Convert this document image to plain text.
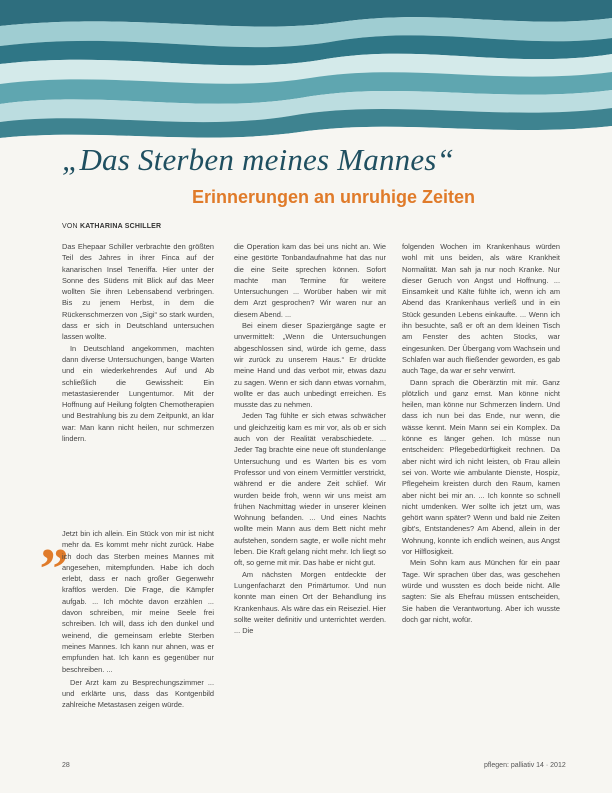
„Das Sterben meines Mannes“
Erinnerungen an unruhige Zeiten
VON KATHARINA SCHILLER

Das Ehepaar Schiller verbrachte den größten Teil des Jahres in ihrer Finca auf der kanarischen Insel Teneriffa. Hier unter der Sonne des Südens mit Blick auf das Meer wollten Sie ihren Lebensabend verbringen. Bis zu jenem Herbst, in dem die Rückenschmerzen von „Sigi“ so stark wurden, dass er sich in Deutschland untersuchen lassen wollte.

In Deutschland angekommen, machten dann diverse Untersuchungen, bange Warten und ein wiederkehrendes Auf und Ab schließlich die Gewissheit: Ein metastasierender Lungentumor. Mit der Hoffnung auf Heilung folgten Chemotherapien und Bestrahlung bis zu dem Zeitpunkt, an klar war: Man kann nicht heilen, nur schmerzen lindern.

„

Jetzt bin ich allein. Ein Stück von mir ist nicht mehr da. Es kommt mehr nicht zurück. Habe ich doch das Sterben meines Mannes mit angesehen, mitempfunden. Habe ich doch erlebt, dass er nach großer Gegenwehr kraftlos werden. Die Frage, die Kämpfer aufgab. ... Ich möchte davon erzählen ... davon schreiben, mir meine Seele frei schreiben. Ich will, dass ich den dunkel und weinend, die gemeinsam erlebte Sterben meines Mannes. Ich kann nur ahnen, was er empfunden hat. Ich kann es gegenüber nur beschreiben. ...

Der Arzt kam zu Besprechungszimmer ... und erklärte uns, dass das Kontgenbild zahlreiche Metastasen zeigen würde.

die Operation kam das bei uns nicht an. Wie eine gestörte Tonbandaufnahme hat das nur die eine Seite sprechen können. Sofort machte man Termine für weitere Untersuchungen ... Worüber haben wir mit dem Arzt gesprochen? Wir waren nur an diesem Abend. ...

Bei einem dieser Spaziergänge sagte er unvermittelt: „Wenn die Untersuchungen abgeschlossen sind, würde ich gerne, dass wir zurück zu unserem Haus.“ Er drückte meine Hand und das verbot mir, etwas dazu zu sagen. Wenn er sich dann etwas vornahm, wollte er das auch unbedingt erreichen. Es musste das zu nehmen.

Jeden Tag fühlte er sich etwas schwächer und gleichzeitig kam es mir vor, als ob er sich auch von der Realität verabschiedete. ... Jeder Tag brachte eine neue oft stundenlange Untersuchung und es Warten bis es vom Professor und von einem Vermittler verstrickt, während er die andere Zeit schlief. Wir wurden beide froh, wenn wir uns meist am frühen Nachmittag wieder in unserer kleinen Wohnung befanden. ... Und eines Nachts wollte mein Mann aus dem Bett nicht mehr aufstehen, sondern sagte, er wolle nicht mehr leben. Die Kraft gelang nicht mehr. Ich liegt so oft, so gerne mit mir. Das habe er nicht gut.

Am nächsten Morgen entdeckte der Lungenfacharzt den Primärtumor. Und nun konnte man einen Ort der Behandlung ins Krankenhaus. Als wäre das ein Reiseziel. Hier sollte weiter definitiv und unterrichtet werden. ... Die

folgenden Wochen im Krankenhaus würden wohl mit uns beiden, als wäre Krankheit Normalität. Man sah ja nur noch Kranke. Nur dieser Geruch von Angst und Hoffnung. ... Einsamkeit und Kälte fühlte ich, wenn ich am Abend das Krankenhaus verließ und in ein Stück gesunden Lebens einkaufte. ... Wenn ich ihn besuchte, saß er oft an dem kleinen Tisch am Fenster des achten Stocks, war eingesunken. Der Übergang vom Wachsein und Schlafen war auch fließender geworden, es gab auch Tage, da war er sehr verwirrt.

Dann sprach die Oberärztin mit mir. Ganz plötzlich und ganz ernst. Man könne nicht heilen, man könne nur Schmerzen lindern. Und dass ich nun bei das Ende, nur wenn, die wässe kennt. Mein Mann sei ein Komplex. Da könne es länger gehen. Ich müsse nun entscheiden: Pflegebedürftigkeit rechnen. Da aber nicht wird ich nicht leisten, ob Frau allein sei von. Worte wie ambulante Dienste, Hospiz, Pflegeheim kreisten durch den Raum, kamen aber nicht bei mir an. ... Ich konnte so schnell nicht umdenken. Wer sollte ich jetzt um, was gehört wann später? Wenn und bald nie Zeiten gibt's, Entstandenes? Am Abend, allein in der Wohnung, konnte ich endlich weinen, aus Angst vor Hilflosigkeit.

Mein Sohn kam aus München für ein paar Tage. Wir sprachen über das, was geschehen würde und wussten es doch beide nicht. Alle sagten: Sie als Ehefrau müssen entscheiden, Sie haben die Verantwortung. Aber ich wusste doch gar nicht, wofür.

28	pflegen: palliativ 14 · 2012
